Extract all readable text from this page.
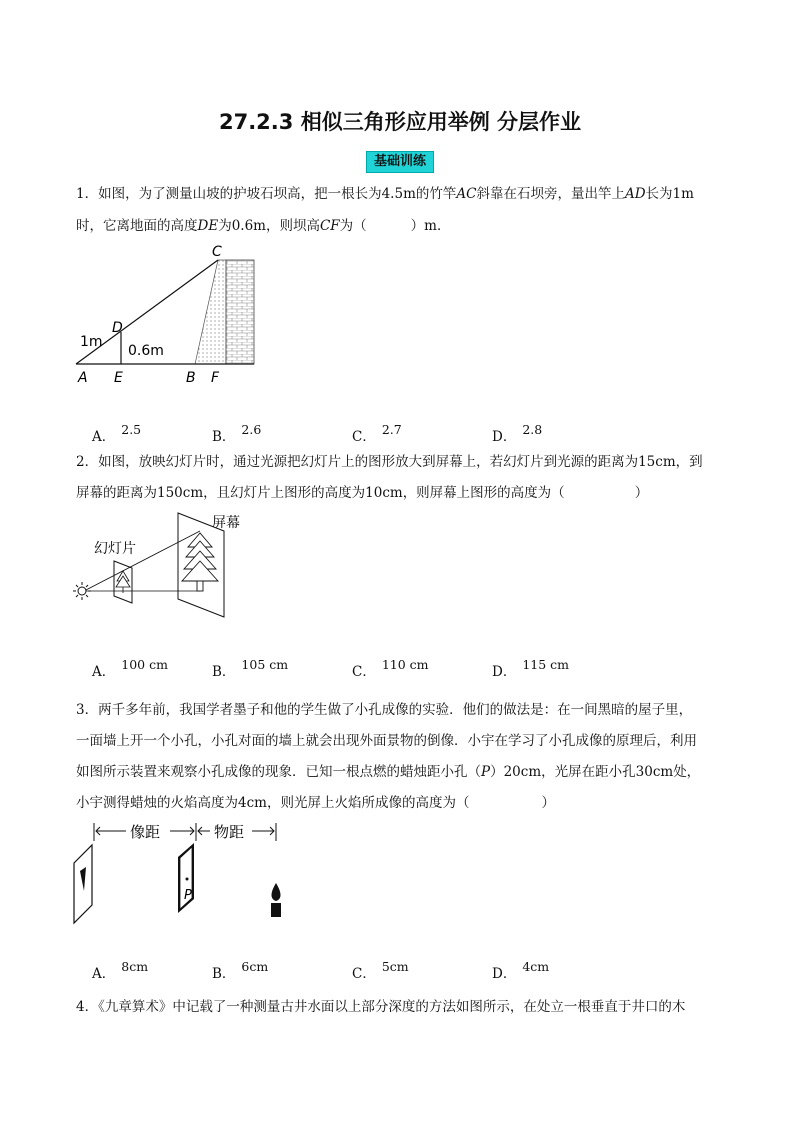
27.2.3 相似三角形应用举例 分层作业
基础训练
1．如图，为了测量山坡的护坡石坝高，把一根长为4.5m的竹竿AC斜靠在石坝旁，量出竿上AD长为1m
时，它离地面的高度DE为0.6m，则坝高CF为（	）m．
C
D
1m
0.6m
A E	B F
A． 2.5	B． 2.6	C． 2.7	D． 2.8
2．如图，放映幻灯片时，通过光源把幻灯片上的图形放大到屏幕上，若幻灯片到光源的距离为15cm，到
屏幕的距离为150cm，且幻灯片上图形的高度为10cm，则屏幕上图形的高度为（	）
屏幕
幻灯片
A． 100 cm	B． 105 cm	C． 110 cm	D． 115 cm
3．两千多年前，我国学者墨子和他的学生做了小孔成像的实验．他们的做法是：在一间黑暗的屋子里，
一面墙上开一个小孔，小孔对面的墙上就会出现外面景物的倒像．小宇在学习了小孔成像的原理后，利用
如图所示装置来观察小孔成像的现象．已知一根点燃的蜡烛距小孔（P）20cm，光屏在距小孔30cm处，
小宇测得蜡烛的火焰高度为4cm，则光屏上火焰所成像的高度为（	）
像距	物距
P
A． 8cm	B． 6cm	C． 5cm	D． 4cm
4．《九章算术》中记载了一种测量古井水面以上部分深度的方法如图所示，在处立一根垂直于井口的木
